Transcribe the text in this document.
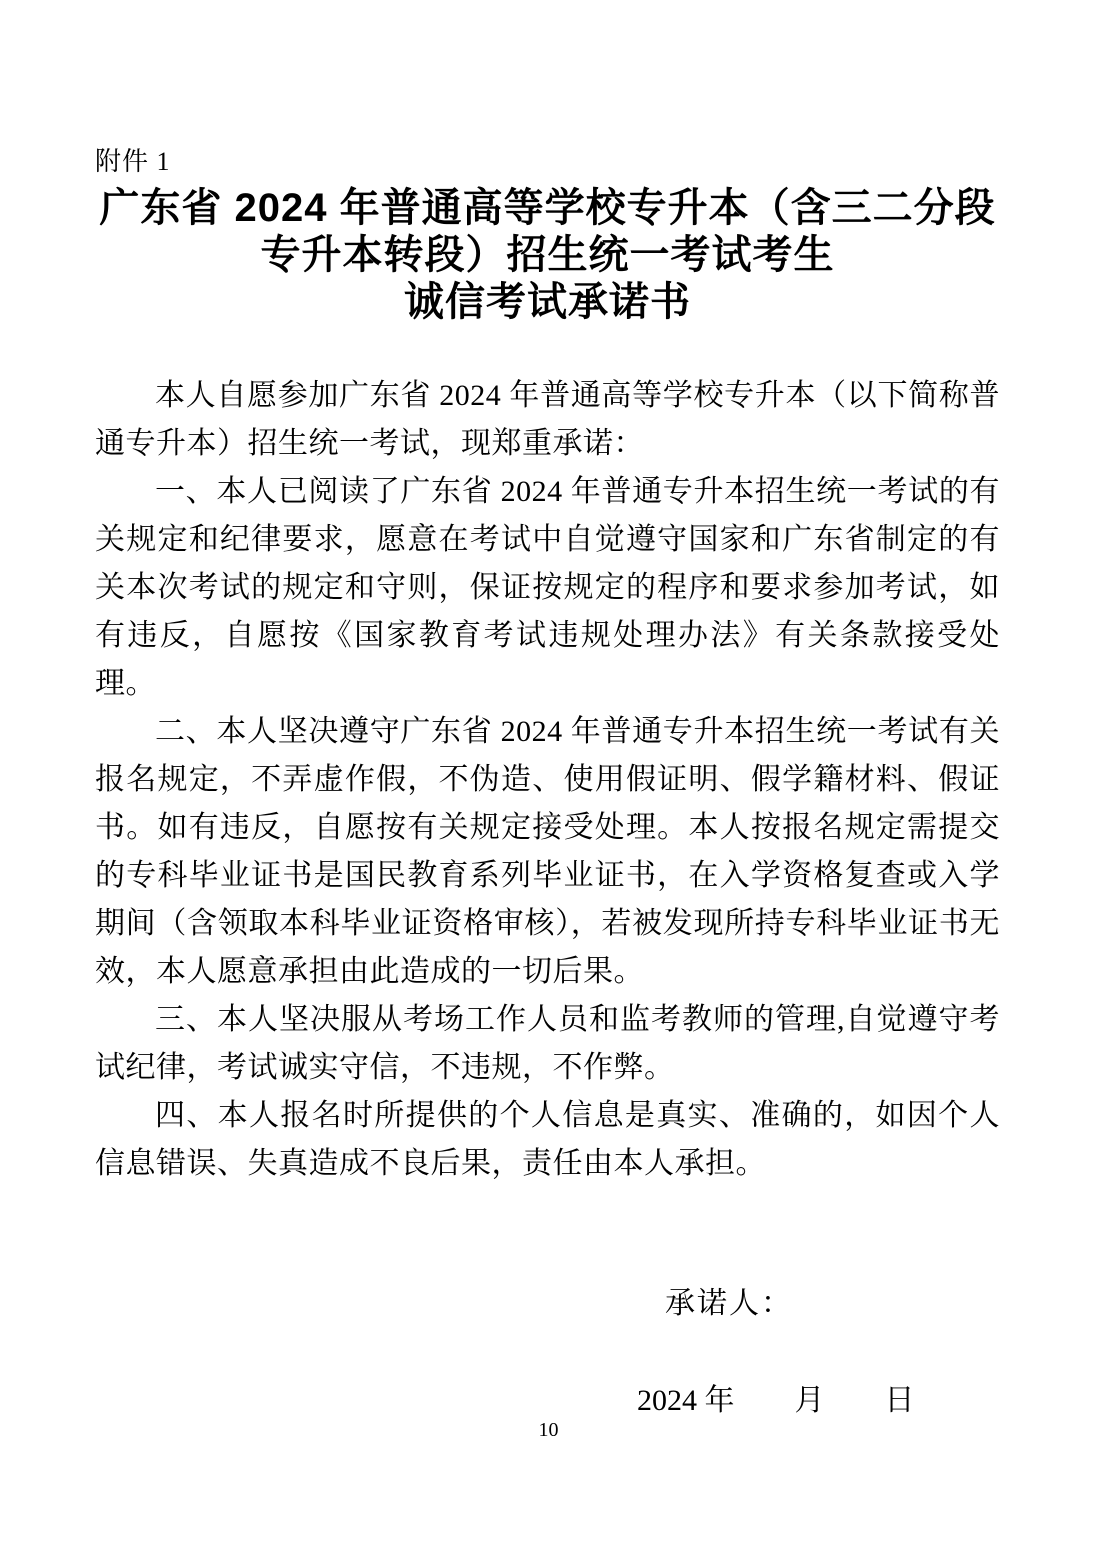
附件 1
广东省 2024 年普通高等学校专升本（含三二分段
专升本转段）招生统一考试考生
诚信考试承诺书

本人自愿参加广东省 2024 年普通高等学校专升本（以下简称普通专升本）招生统一考试，现郑重承诺：

一、本人已阅读了广东省 2024 年普通专升本招生统一考试的有关规定和纪律要求，愿意在考试中自觉遵守国家和广东省制定的有关本次考试的规定和守则，保证按规定的程序和要求参加考试，如有违反，自愿按《国家教育考试违规处理办法》有关条款接受处理。

二、本人坚决遵守广东省 2024 年普通专升本招生统一考试有关报名规定，不弄虚作假，不伪造、使用假证明、假学籍材料、假证书。如有违反，自愿按有关规定接受处理。本人按报名规定需提交的专科毕业证书是国民教育系列毕业证书，在入学资格复查或入学期间（含领取本科毕业证资格审核），若被发现所持专科毕业证书无效，本人愿意承担由此造成的一切后果。

三、本人坚决服从考场工作人员和监考教师的管理,自觉遵守考试纪律，考试诚实守信，不违规，不作弊。

四、本人报名时所提供的个人信息是真实、准确的，如因个人信息错误、失真造成不良后果，责任由本人承担。

承诺人：
2024 年　　月　　日
10
